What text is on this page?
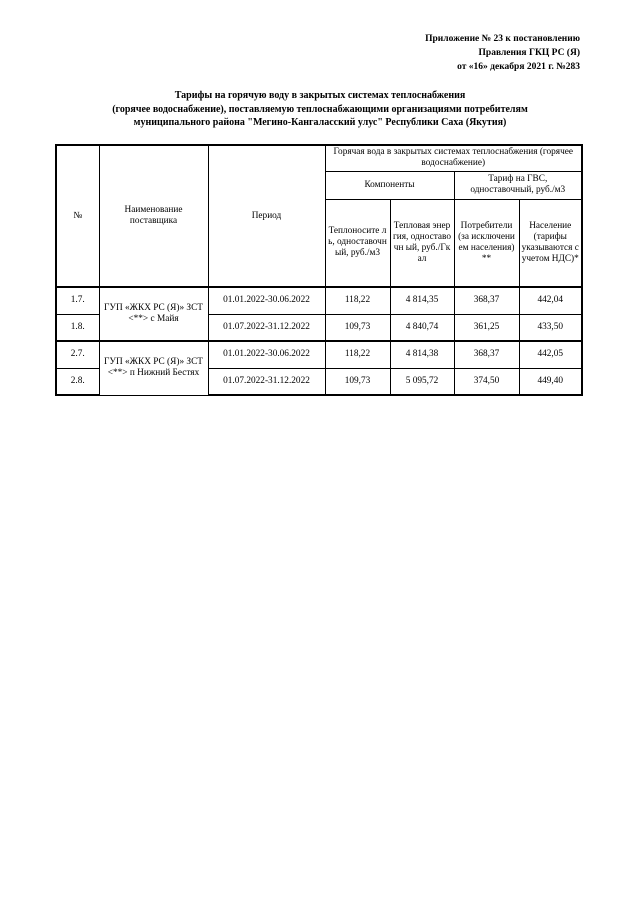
Приложение № 23 к постановлению
Правления ГКЦ РС (Я)
от «16» декабря 2021 г. №283
Тарифы на горячую воду в закрытых системах теплоснабжения
(горячее водоснабжение), поставляемую теплоснабжающими организациями потребителям
муниципального района "Мегино-Кангаласский улус" Республики Саха (Якутия)
№	Наименование поставщика	Период	Горячая вода в закрытых системах теплоснабжения (горячее водоснабжение)			
			Компоненты		Тариф на ГВС, одноставочный, руб./м3	
			Теплоносите ль, одноставочн ый, руб./м3	Тепловая энергия, одноставочн ый, руб./Гкал	Потребители (за исключением населения)**	Население (тарифы указываются с учетом НДС)*
1.7.	ГУП «ЖКХ РС (Я)» ЗСТ <**> с Майя	01.01.2022-30.06.2022	118,22	4 814,35	368,37	442,04
1.8.		01.07.2022-31.12.2022	109,73	4 840,74	361,25	433,50
2.7.	ГУП «ЖКХ РС (Я)» ЗСТ <**> п Нижний Бестях	01.01.2022-30.06.2022	118,22	4 814,38	368,37	442,05
2.8.		01.07.2022-31.12.2022	109,73	5 095,72	374,50	449,40
